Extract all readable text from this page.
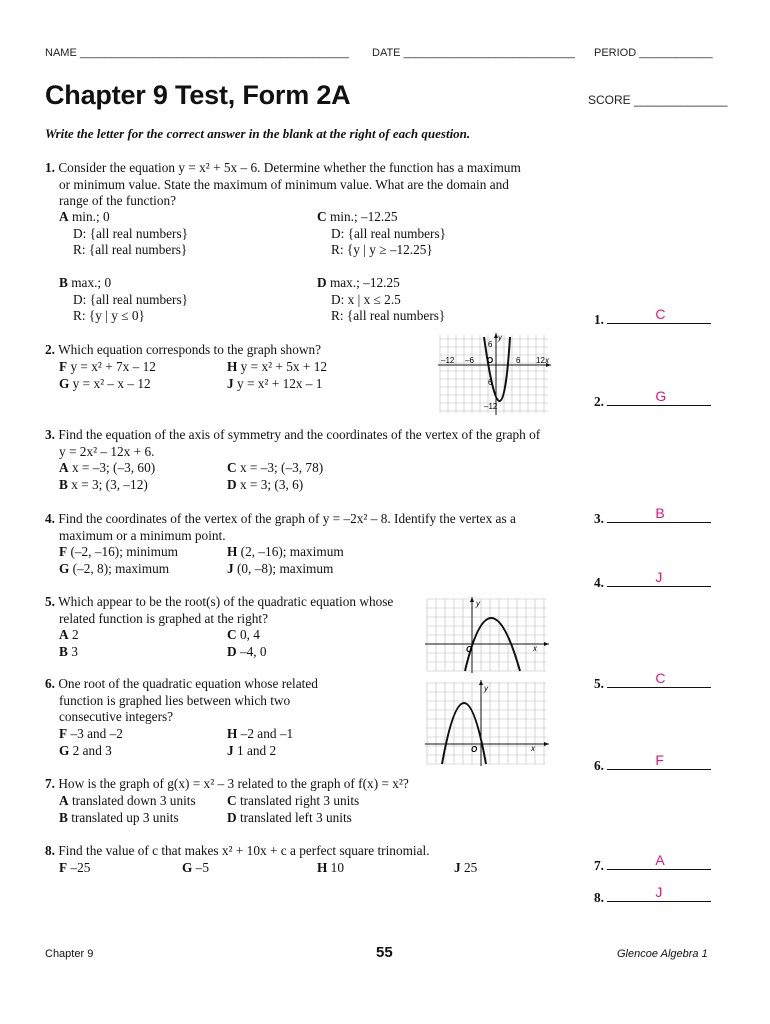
NAME ____________________________________________ DATE ____________________________ PERIOD ____________
Chapter 9 Test, Form 2A	SCORE ______________
Write the letter for the correct answer in the blank at the right of each question.
1. Consider the equation y = x² + 5x – 6. Determine whether the function has a maximum
or minimum value. State the maximum of minimum value. What are the domain and
range of the function?
A min.; 0
D: {all real numbers}
R: {all real numbers}
C min.; –12.25
D: {all real numbers}
R: {y | y ≥ –12.25}
B max.; 0
D: {all real numbers}
R: {y | y ≤ 0}
D max.; –12.25
D: x | x ≤ 2.5
R: {all real numbers}
2. Which equation corresponds to the graph shown?
F y = x² + 7x – 12	H y = x² + 5x + 12
G y = x² – x – 12	J y = x² + 12x – 1
–12 –6 O	6 12 x
y
6
6
–12
3. Find the equation of the axis of symmetry and the coordinates of the vertex of the graph of
y = 2x² – 12x + 6.
A x = –3; (–3, 60)	C x = –3; (–3, 78)
B x = 3; (3, –12)	D x = 3; (3, 6)
4. Find the coordinates of the vertex of the graph of y = –2x² – 8. Identify the vertex as a
maximum or a minimum point.
F (–2, –16); minimum	H (2, –16); maximum
G (–2, 8); maximum	J (0, –8); maximum
5. Which appear to be the root(s) of the quadratic equation whose
related function is graphed at the right?
A 2	C 0, 4
B 3	D –4, 0	O	x
y
6. One root of the quadratic equation whose related
function is graphed lies between which two
consecutive integers?
F –3 and –2	H –2 and –1
G 2 and 3	J 1 and 2	O	x
y
7. How is the graph of g(x) = x² – 3 related to the graph of f(x) = x²?
A translated down 3 units C translated right 3 units
B translated up 3 units	D translated left 3 units
8. Find the value of c that makes x² + 10x + c a perfect square trinomial.
F –25	G –5	H 10	J 25
1.	C
2.	G
3.	B
4.	J
5.	C
6.	F
7.	A
8.	J
Chapter 9	55	Glencoe Algebra 1
